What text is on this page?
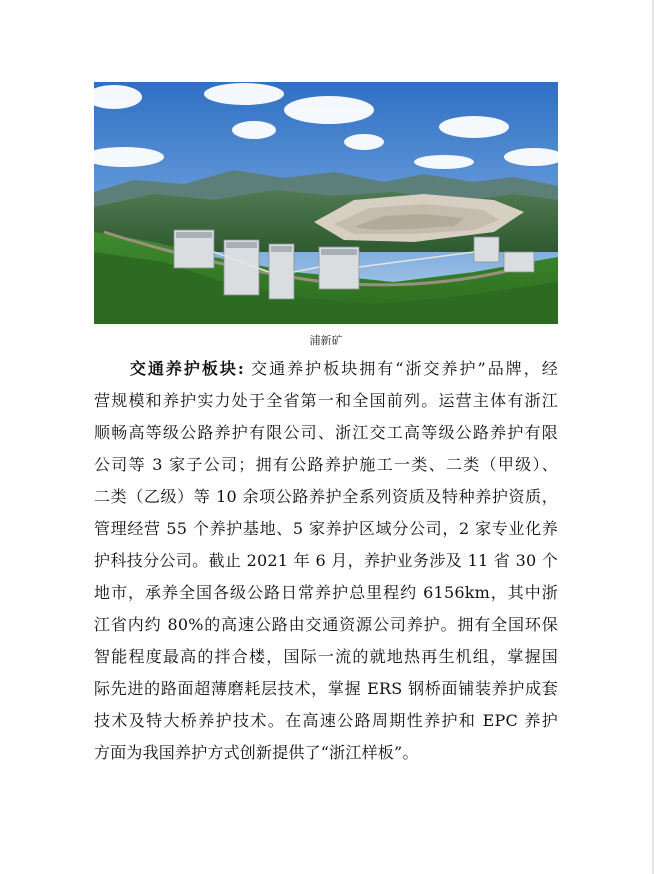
浦新矿
交通养护板块: 交通养护板块拥有“浙交养护”品牌，经
营规模和养护实力处于全省第一和全国前列。运营主体有浙江
顺畅高等级公路养护有限公司、浙江交工高等级公路养护有限
公司等 3 家子公司；拥有公路养护施工一类、二类（甲级）、
二类（乙级）等 10 余项公路养护全系列资质及特种养护资质，
管理经营 55 个养护基地、5 家养护区域分公司，2 家专业化养
护科技分公司。截止 2021 年 6 月，养护业务涉及 11 省 30 个
地市，承养全国各级公路日常养护总里程约 6156km，其中浙
江省内约 80%的高速公路由交通资源公司养护。拥有全国环保
智能程度最高的拌合楼，国际一流的就地热再生机组，掌握国
际先进的路面超薄磨耗层技术，掌握 ERS 钢桥面铺装养护成套
技术及特大桥养护技术。在高速公路周期性养护和 EPC 养护
方面为我国养护方式创新提供了“浙江样板”。
